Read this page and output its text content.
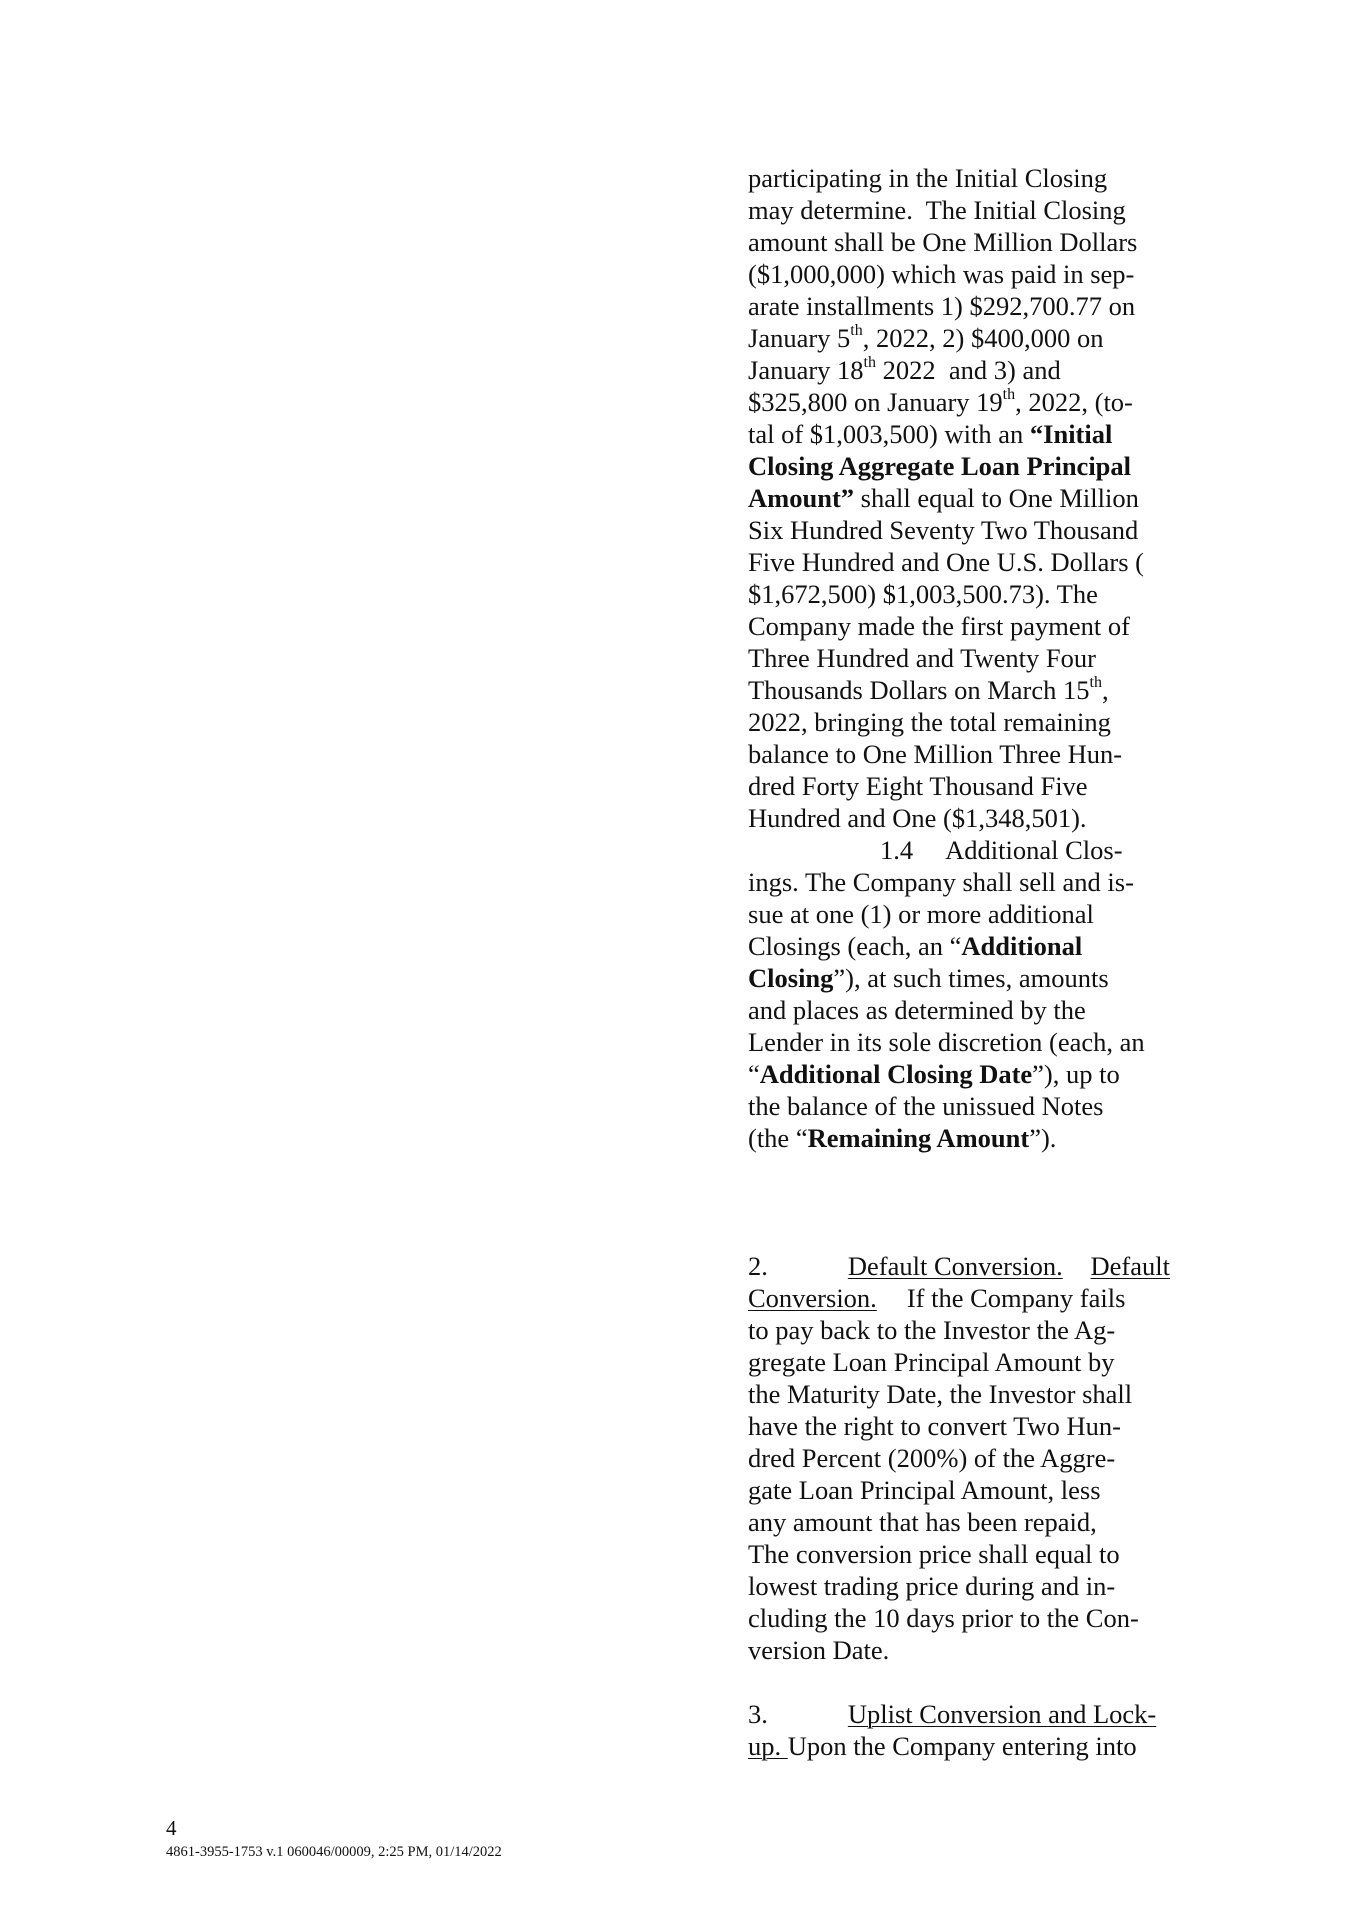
participating in the Initial Closing
may determine.  The Initial Closing
amount shall be One Million Dollars
($1,000,000) which was paid in sep-
arate installments 1) $292,700.77 on
January 5th, 2022, 2) $400,000 on
January 18th 2022  and 3) and
$325,800 on January 19th, 2022, (to-
tal of $1,003,500) with an “Initial
Closing Aggregate Loan Principal
Amount” shall equal to One Million
Six Hundred Seventy Two Thousand
Five Hundred and One U.S. Dollars (
$1,672,500) $1,003,500.73). The
Company made the first payment of
Three Hundred and Twenty Four
Thousands Dollars on March 15th,
2022, bringing the total remaining
balance to One Million Three Hun-
dred Forty Eight Thousand Five
Hundred and One ($1,348,501).
1.4 Additional Clos-
ings. The Company shall sell and is-
sue at one (1) or more additional
Closings (each, an “Additional
Closing”), at such times, amounts
and places as determined by the
Lender in its sole discretion (each, an
“Additional Closing Date”), up to
the balance of the unissued Notes
(the “Remaining Amount”).
2.	Default Conversion. Default
Conversion. If the Company fails
to pay back to the Investor the Ag-
gregate Loan Principal Amount by
the Maturity Date, the Investor shall
have the right to convert Two Hun-
dred Percent (200%) of the Aggre-
gate Loan Principal Amount, less
any amount that has been repaid,
The conversion price shall equal to
lowest trading price during and in-
cluding the 10 days prior to the Con-
version Date.
3.	Uplist Conversion and Lock-
up. Upon the Company entering into
4
4861-3955-1753 v.1 060046/00009, 2:25 PM, 01/14/2022
